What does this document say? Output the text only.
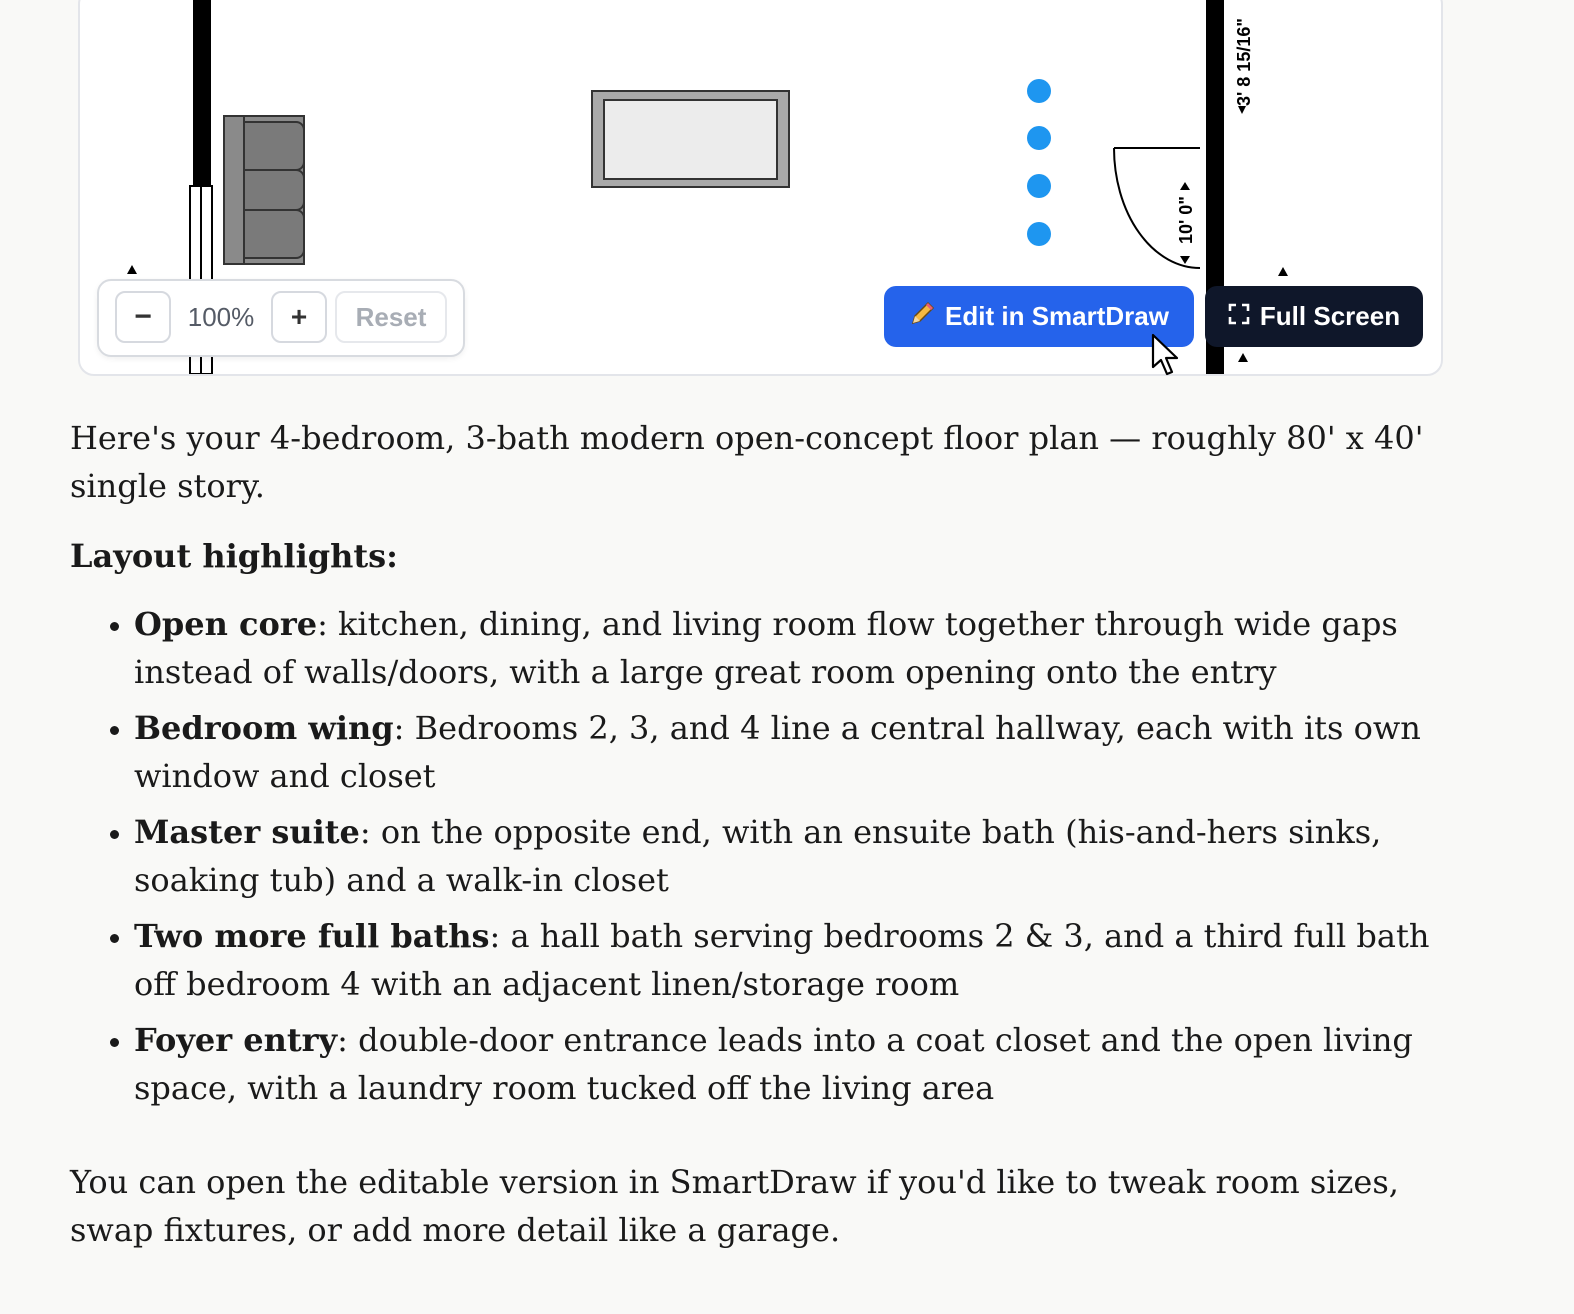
3' 8 15/16"
10' 0"
−	100%	+	Reset	Edit in SmartDraw	Full Screen

Here's your 4-bedroom, 3-bath modern open-concept floor plan — roughly 80' x 40' single story.

Layout highlights:

• Open core: kitchen, dining, and living room flow together through wide gaps instead of walls/doors, with a large great room opening onto the entry
• Bedroom wing: Bedrooms 2, 3, and 4 line a central hallway, each with its own window and closet
• Master suite: on the opposite end, with an ensuite bath (his-and-hers sinks, soaking tub) and a walk-in closet
• Two more full baths: a hall bath serving bedrooms 2 & 3, and a third full bath off bedroom 4 with an adjacent linen/storage room
• Foyer entry: double-door entrance leads into a coat closet and the open living space, with a laundry room tucked off the living area

You can open the editable version in SmartDraw if you'd like to tweak room sizes, swap fixtures, or add more detail like a garage.
